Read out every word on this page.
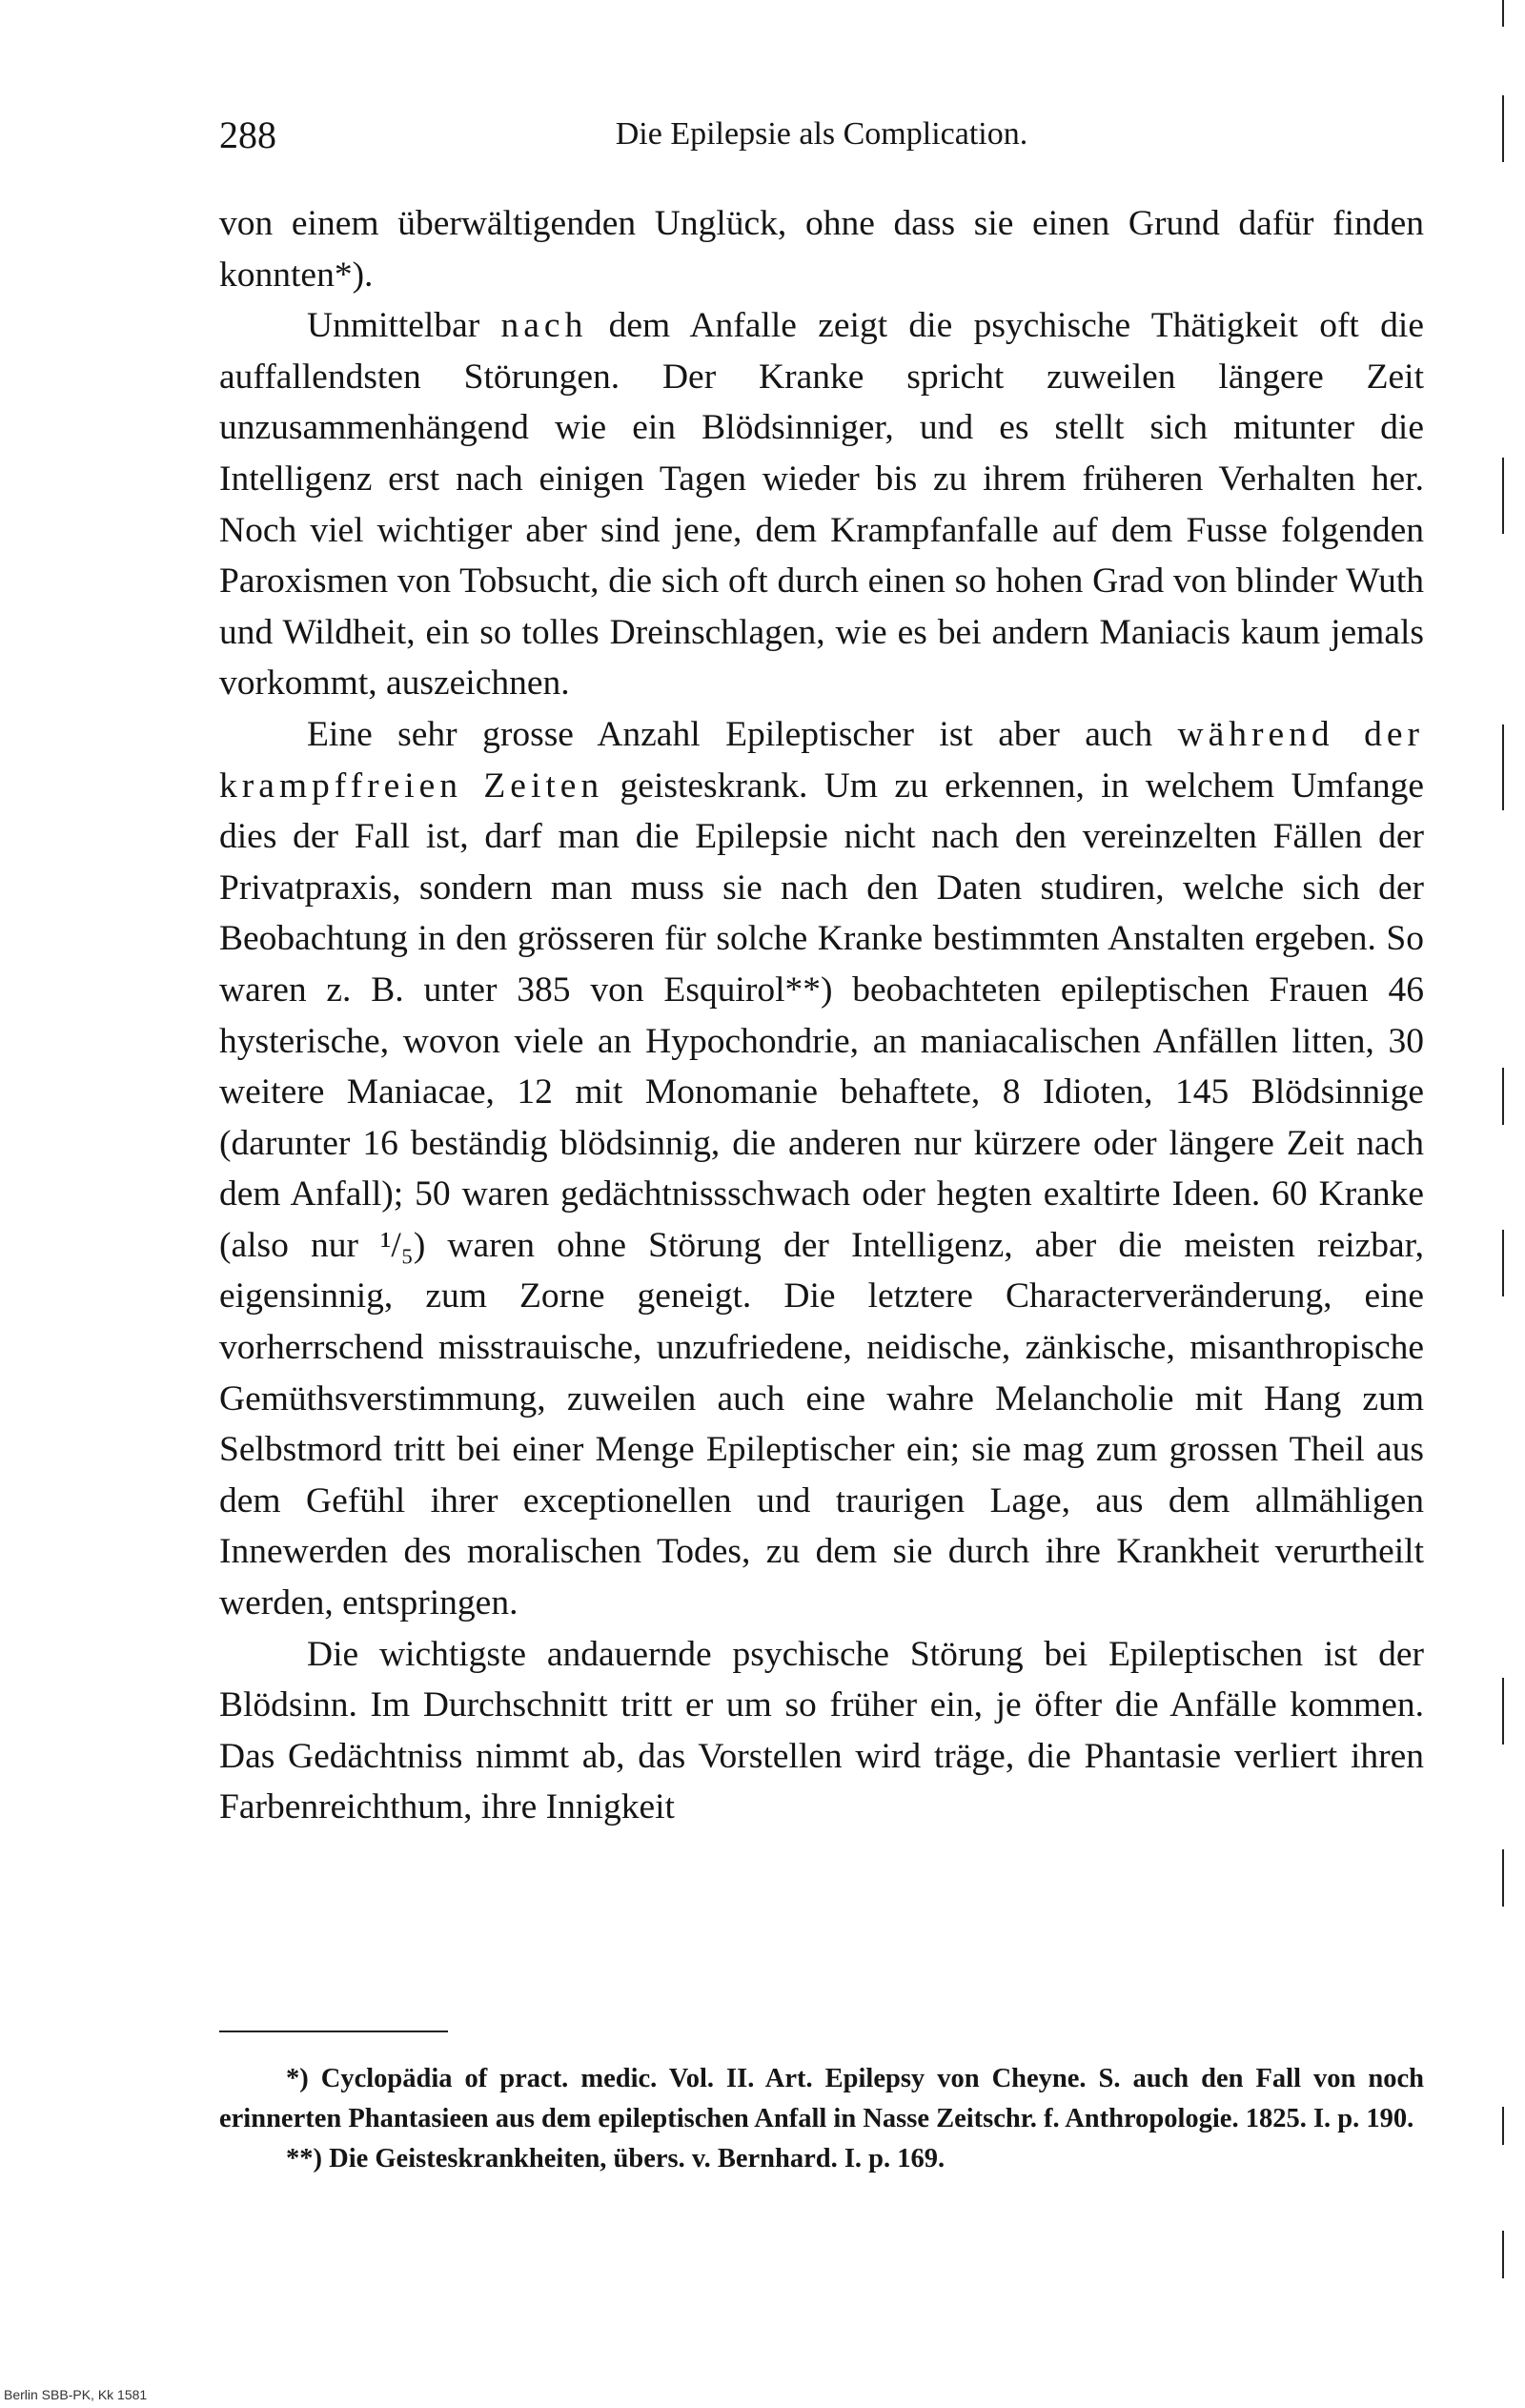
288	Die Epilepsie als Complication.

von einem überwältigenden Unglück, ohne dass sie einen Grund dafür finden konnten*).

Unmittelbar nach dem Anfalle zeigt die psychische Thätigkeit oft die auffallendsten Störungen. Der Kranke spricht zuweilen längere Zeit unzusammenhängend wie ein Blödsinniger, und es stellt sich mitunter die Intelligenz erst nach einigen Tagen wieder bis zu ihrem früheren Verhalten her. Noch viel wichtiger aber sind jene, dem Krampfanfalle auf dem Fusse folgenden Paroxismen von Tobsucht, die sich oft durch einen so hohen Grad von blinder Wuth und Wildheit, ein so tolles Dreinschlagen, wie es bei andern Maniacis kaum jemals vorkommt, auszeichnen.

Eine sehr grosse Anzahl Epileptischer ist aber auch während der krampffreien Zeiten geisteskrank. Um zu erkennen, in welchem Umfange dies der Fall ist, darf man die Epilepsie nicht nach den vereinzelten Fällen der Privatpraxis, sondern man muss sie nach den Daten studiren, welche sich der Beobachtung in den grösseren für solche Kranke bestimmten Anstalten ergeben. So waren z. B. unter 385 von Esquirol**) beobachteten epileptischen Frauen 46 hysterische, wovon viele an Hypochondrie, an maniacalischen Anfällen litten, 30 weitere Maniacae, 12 mit Monomanie behaftete, 8 Idioten, 145 Blödsinnige (darunter 16 beständig blödsinnig, die anderen nur kürzere oder längere Zeit nach dem Anfall); 50 waren gedächtnissschwach oder hegten exaltirte Ideen. 60 Kranke (also nur ¹/₅) waren ohne Störung der Intelligenz, aber die meisten reizbar, eigensinnig, zum Zorne geneigt. Die letztere Characterveränderung, eine vorherrschend misstrauische, unzufriedene, neidische, zänkische, misanthropische Gemüthsverstimmung, zuweilen auch eine wahre Melancholie mit Hang zum Selbstmord tritt bei einer Menge Epileptischer ein; sie mag zum grossen Theil aus dem Gefühl ihrer exceptionellen und traurigen Lage, aus dem allmähligen Innewerden des moralischen Todes, zu dem sie durch ihre Krankheit verurtheilt werden, entspringen.

Die wichtigste andauernde psychische Störung bei Epileptischen ist der Blödsinn. Im Durchschnitt tritt er um so früher ein, je öfter die Anfälle kommen. Das Gedächtniss nimmt ab, das Vorstellen wird träge, die Phantasie verliert ihren Farbenreichthum, ihre Innigkeit

*) Cyclopädia of pract. medic. Vol. II. Art. Epilepsy von Cheyne. S. auch den Fall von noch erinnerten Phantasieen aus dem epileptischen Anfall in Nasse Zeitschr. f. Anthropologie. 1825. I. p. 190.

**) Die Geisteskrankheiten, übers. v. Bernhard. I. p. 169.

Berlin SBB-PK, Kk 1581
